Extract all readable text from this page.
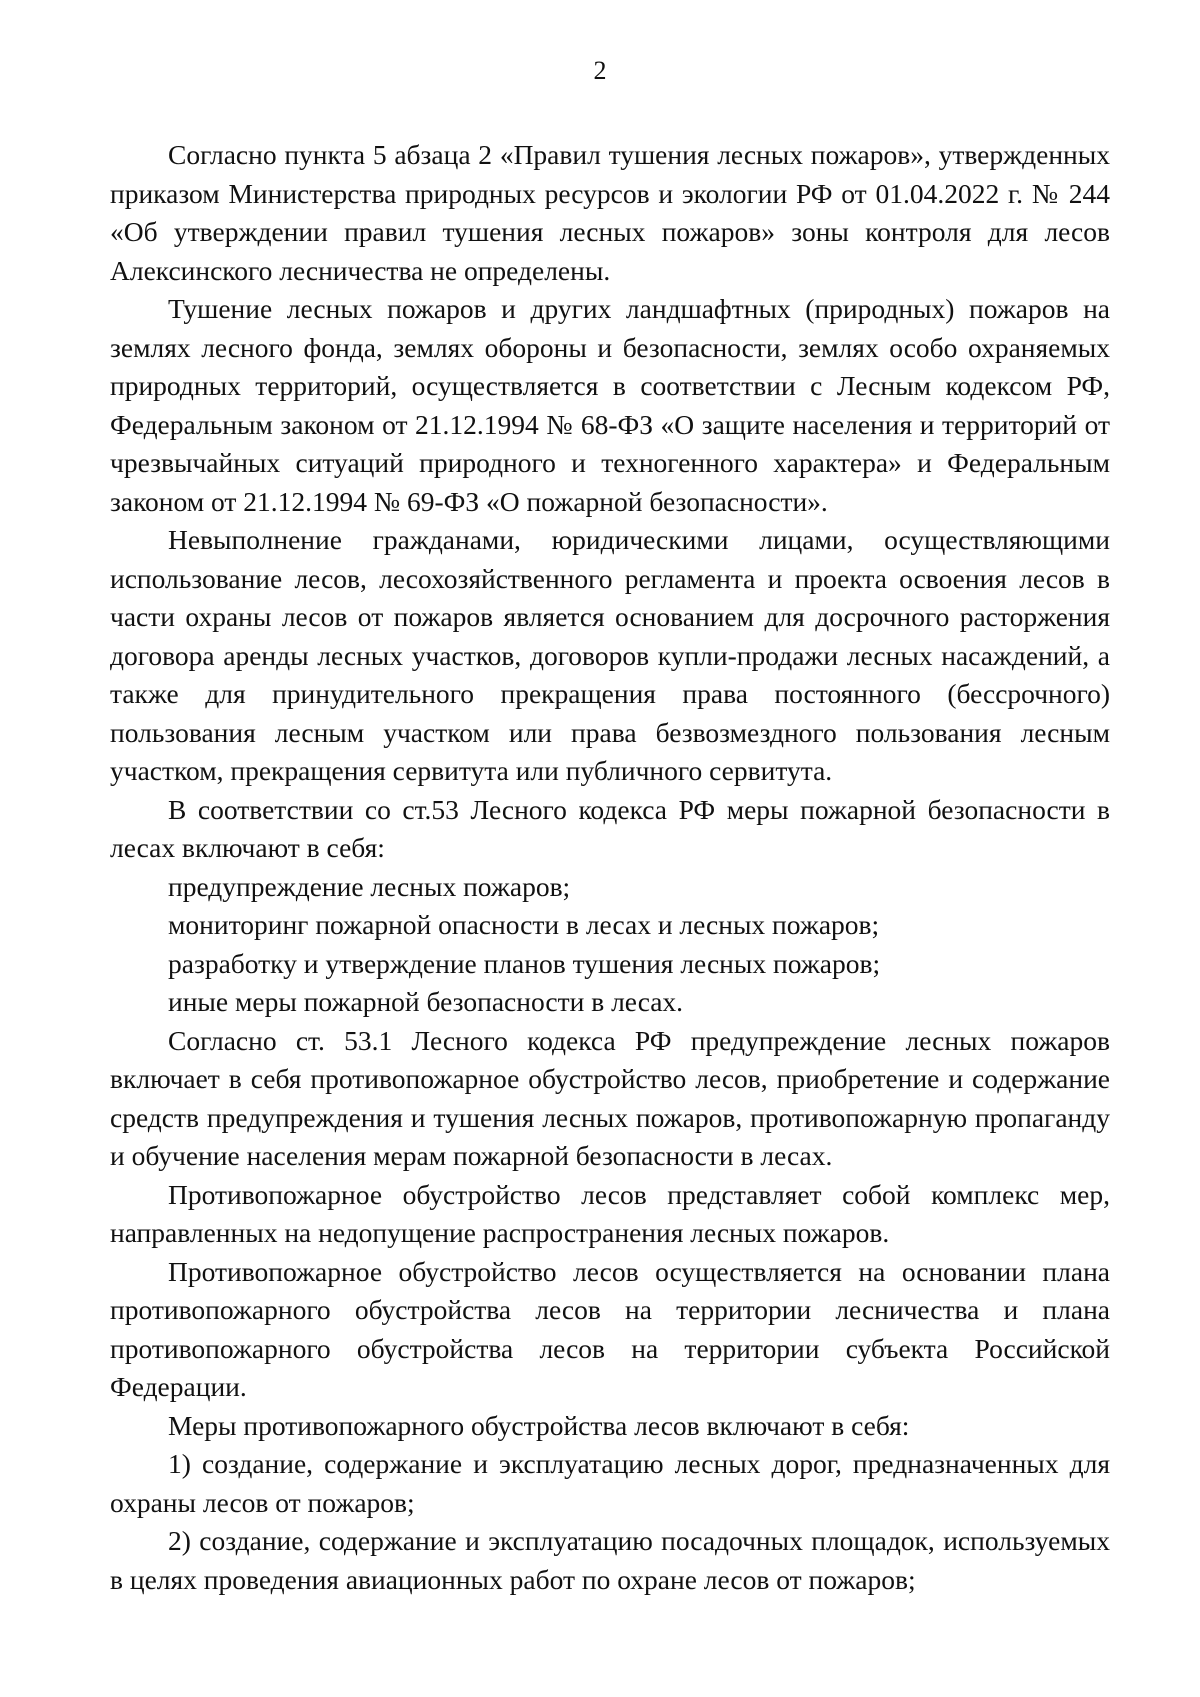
2

Согласно пункта 5 абзаца 2 «Правил тушения лесных пожаров», утвержденных приказом Министерства природных ресурсов и экологии РФ от 01.04.2022 г. № 244 «Об утверждении правил тушения лесных пожаров» зоны контроля для лесов Алексинского лесничества не определены.

Тушение лесных пожаров и других ландшафтных (природных) пожаров на землях лесного фонда, землях обороны и безопасности, землях особо охраняемых природных территорий, осуществляется в соответствии с Лесным кодексом РФ, Федеральным законом от 21.12.1994 № 68-ФЗ «О защите населения и территорий от чрезвычайных ситуаций природного и техногенного характера» и Федеральным законом от 21.12.1994 № 69-ФЗ «О пожарной безопасности».

Невыполнение гражданами, юридическими лицами, осуществляющими использование лесов, лесохозяйственного регламента и проекта освоения лесов в части охраны лесов от пожаров является основанием для досрочного расторжения договора аренды лесных участков, договоров купли-продажи лесных насаждений, а также для принудительного прекращения права постоянного (бессрочного) пользования лесным участком или права безвозмездного пользования лесным участком, прекращения сервитута или публичного сервитута.

В соответствии со ст.53 Лесного кодекса РФ меры пожарной безопасности в лесах включают в себя:

предупреждение лесных пожаров;

мониторинг пожарной опасности в лесах и лесных пожаров;

разработку и утверждение планов тушения лесных пожаров;

иные меры пожарной безопасности в лесах.

Согласно ст. 53.1 Лесного кодекса РФ предупреждение лесных пожаров включает в себя противопожарное обустройство лесов, приобретение и содержание средств предупреждения и тушения лесных пожаров, противопожарную пропаганду и обучение населения мерам пожарной безопасности в лесах.

Противопожарное обустройство лесов представляет собой комплекс мер, направленных на недопущение распространения лесных пожаров.

Противопожарное обустройство лесов осуществляется на основании плана противопожарного обустройства лесов на территории лесничества и плана противопожарного обустройства лесов на территории субъекта Российской Федерации.

Меры противопожарного обустройства лесов включают в себя:

1) создание, содержание и эксплуатацию лесных дорог, предназначенных для охраны лесов от пожаров;

2) создание, содержание и эксплуатацию посадочных площадок, используемых в целях проведения авиационных работ по охране лесов от пожаров;
